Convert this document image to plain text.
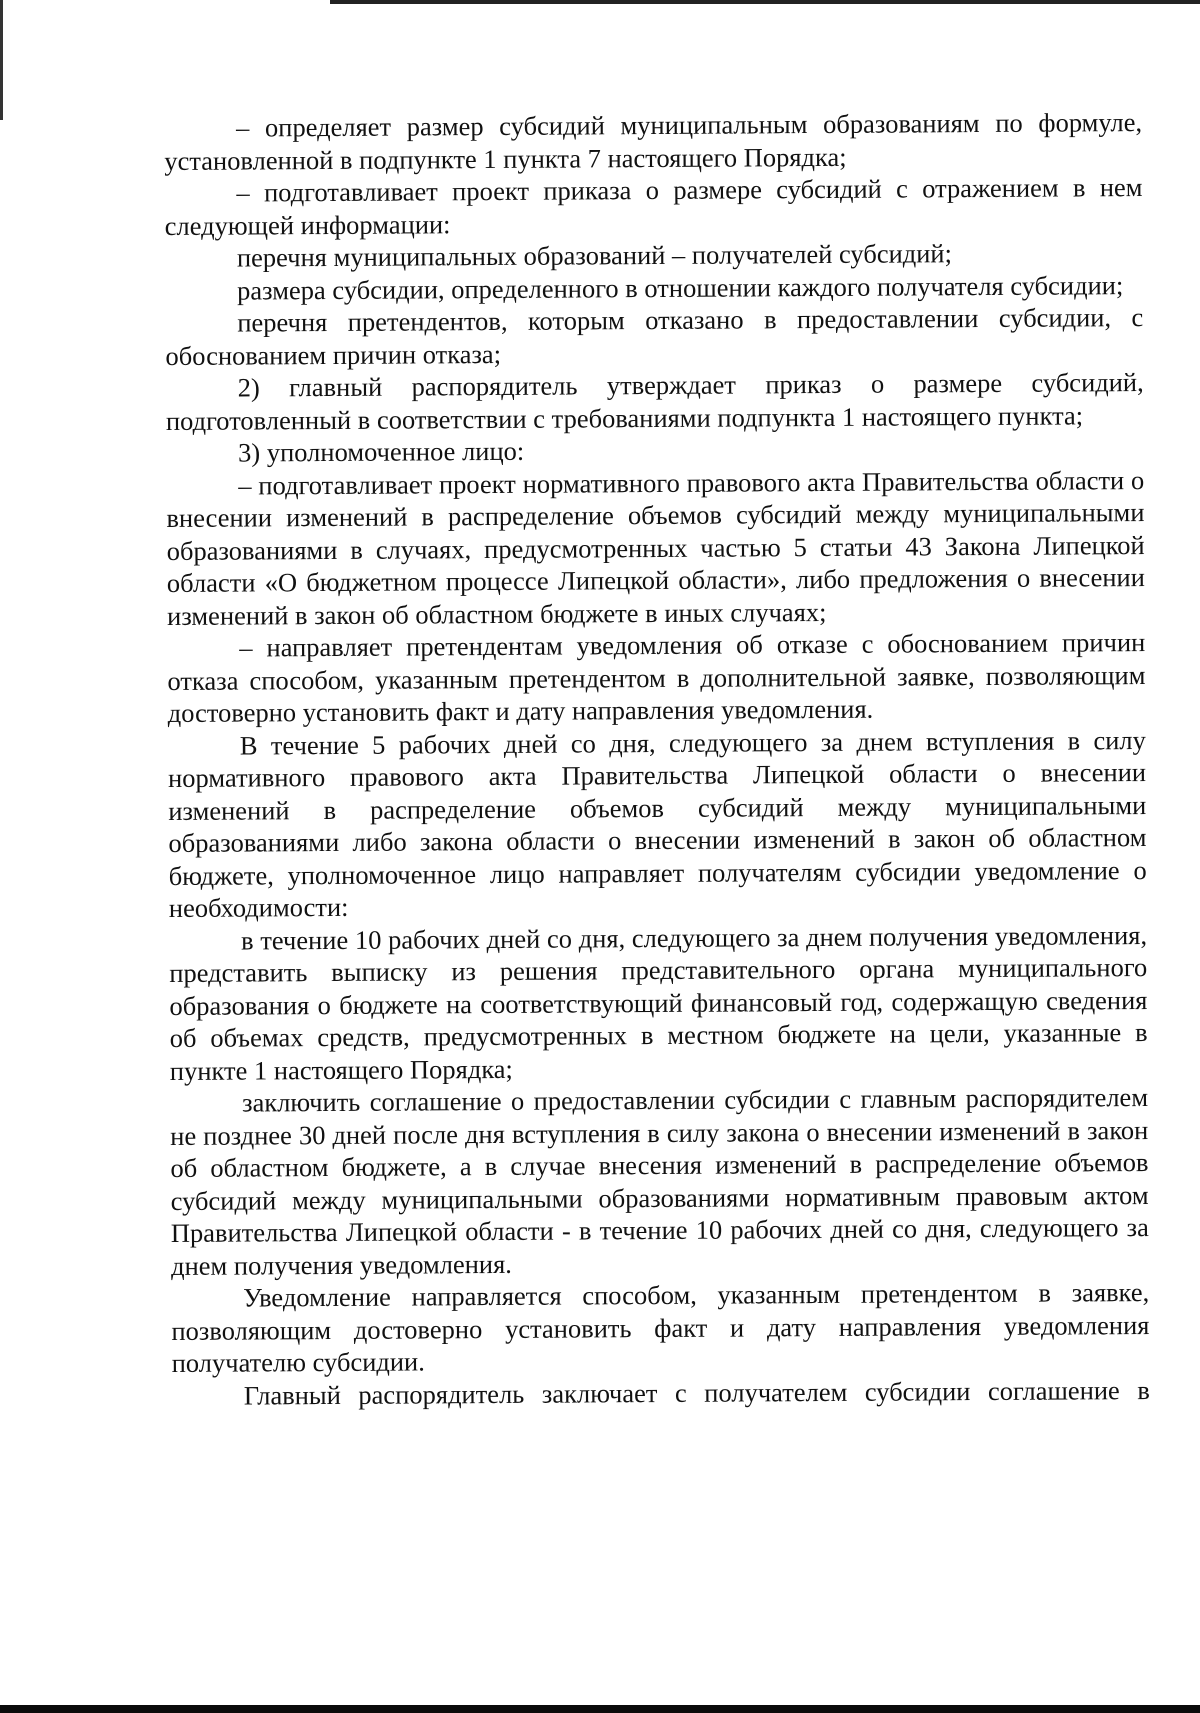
– определяет размер субсидий муниципальным образованиям по формуле, установленной в подпункте 1 пункта 7 настоящего Порядка;

– подготавливает проект приказа о размере субсидий с отражением в нем следующей информации:

перечня муниципальных образований – получателей субсидий;

размера субсидии, определенного в отношении каждого получателя субсидии;

перечня претендентов, которым отказано в предоставлении субсидии, с обоснованием причин отказа;

2) главный распорядитель утверждает приказ о размере субсидий, подготовленный в соответствии с требованиями подпункта 1 настоящего пункта;

3) уполномоченное лицо:

– подготавливает проект нормативного правового акта Правительства области о внесении изменений в распределение объемов субсидий между муниципальными образованиями в случаях, предусмотренных частью 5 статьи 43 Закона Липецкой области «О бюджетном процессе Липецкой области», либо предложения о внесении изменений в закон об областном бюджете в иных случаях;

– направляет претендентам уведомления об отказе с обоснованием причин отказа способом, указанным претендентом в дополнительной заявке, позволяющим достоверно установить факт и дату направления уведомления.

В течение 5 рабочих дней со дня, следующего за днем вступления в силу нормативного правового акта Правительства Липецкой области о внесении изменений в распределение объемов субсидий между муниципальными образованиями либо закона области о внесении изменений в закон об областном бюджете, уполномоченное лицо направляет получателям субсидии уведомление о необходимости:

в течение 10 рабочих дней со дня, следующего за днем получения уведомления, представить выписку из решения представительного органа муниципального образования о бюджете на соответствующий финансовый год, содержащую сведения об объемах средств, предусмотренных в местном бюджете на цели, указанные в пункте 1 настоящего Порядка;

заключить соглашение о предоставлении субсидии с главным распорядителем не позднее 30 дней после дня вступления в силу закона о внесении изменений в закон об областном бюджете, а в случае внесения изменений в распределение объемов субсидий между муниципальными образованиями нормативным правовым актом Правительства Липецкой области - в течение 10 рабочих дней со дня, следующего за днем получения уведомления.

Уведомление направляется способом, указанным претендентом в заявке, позволяющим достоверно установить факт и дату направления уведомления получателю субсидии.

Главный распорядитель заключает с получателем субсидии соглашение в
